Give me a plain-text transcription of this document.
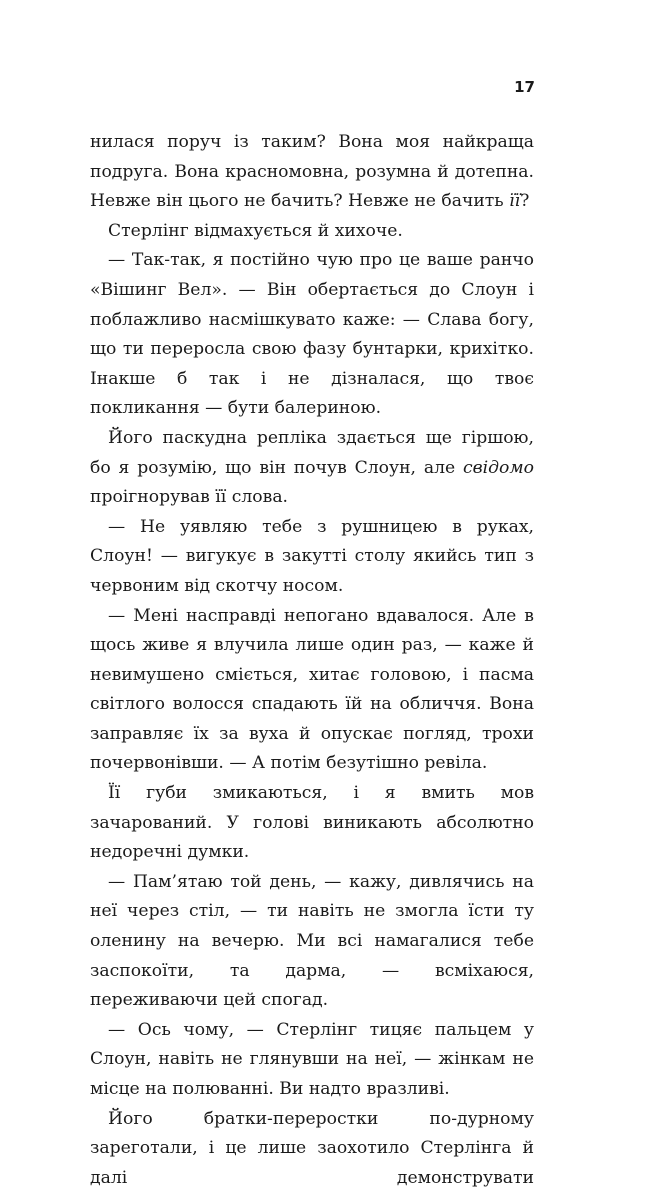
17

нилася поруч із таким? Вона моя найкраща подруга. Вона красномовна, розумна й дотепна. Невже він цього не бачить? Невже не бачить її?

Стерлінг відмахується й хихоче.

— Так-так, я постійно чую про це ваше ранчо «Вішинг Вел». — Він обертається до Слоун і поблажливо насмішкувато каже: — Слава богу, що ти переросла свою фазу бунтарки, крихітко. Інакше б так і не дізналася, що твоє покликання — бути балериною.

Його паскудна репліка здається ще гіршою, бо я розумію, що він почув Слоун, але свідомо проігнорував її слова.

— Не уявляю тебе з рушницею в руках, Слоун! — вигукує в закутті столу якийсь тип з червоним від скотчу носом.

— Мені насправді непогано вдавалося. Але в щось живе я влучила лише один раз, — каже й невимушено сміється, хитає головою, і пасма світлого волосся спадають їй на обличчя. Вона заправляє їх за вуха й опускає погляд, трохи почервонівши. — А потім безутішно ревіла.

Її губи змикаються, і я вмить мов зачарований. У голові виникають абсолютно недоречні думки.

— Пам’ятаю той день, — кажу, дивлячись на неї через стіл, — ти навіть не змогла їсти ту оленину на вечерю. Ми всі намагалися тебе заспокоїти, та дарма, — всміхаюся, переживаючи цей спогад.

— Ось чому, — Стерлінг тицяє пальцем у Слоун, навіть не глянувши на неї, — жінкам не місце на полюванні. Ви надто вразливі.

Його братки-переростки по-дурному зареготали, і це лише заохотило Стерлінга й далі демонструвати
